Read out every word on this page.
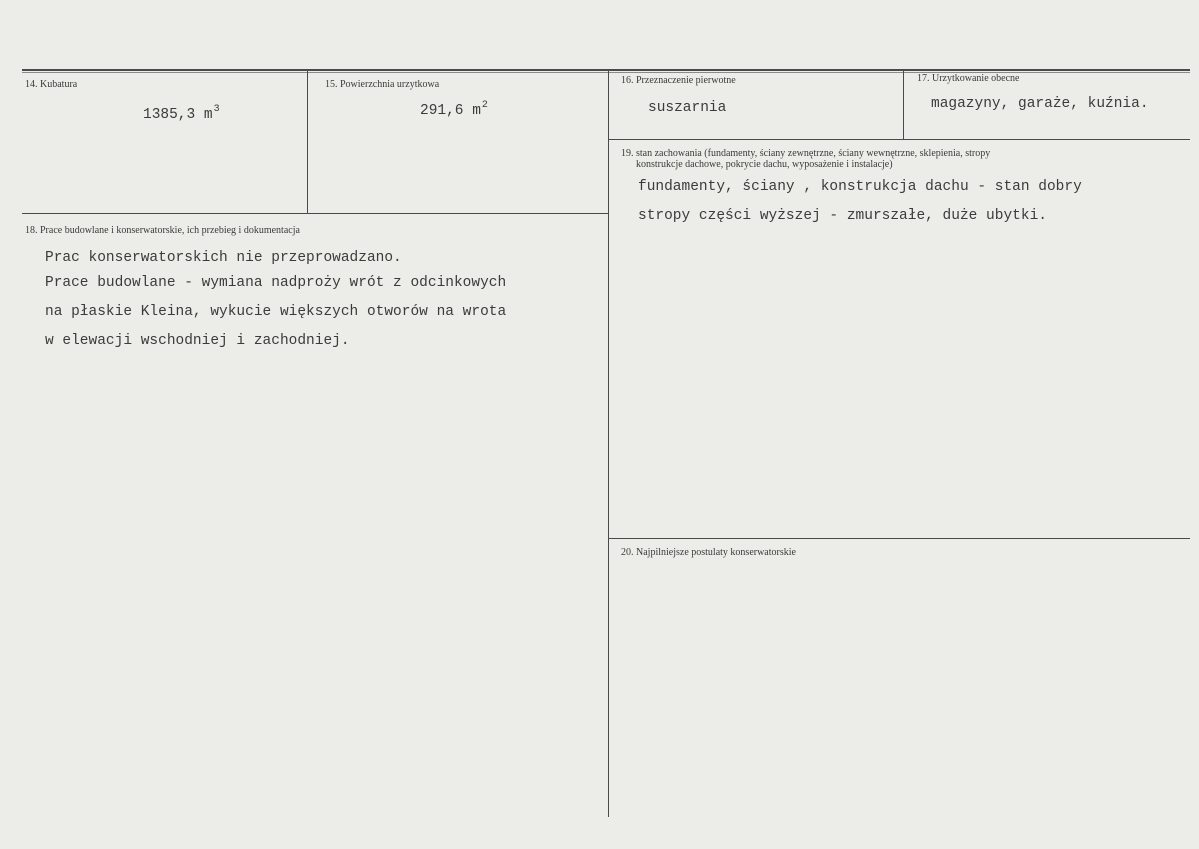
14. Kubatura
1385,3 $m^3$
15. Powierzchnia urzytkowa
291,6 $m^2$
16. Przeznaczenie pierwotne
suszarnia
17. Urzytkowanie obecne
magazyny, garaże, kuźnia.
18. Prace budowlane i konserwatorskie, ich przebieg i dokumentacja
Prac konserwatorskich nie przeprowadzano.
Prace budowlane - wymiana nadproży wrót z odcinkowych
na płaskie Kleina, wykucie większych otworów na wrota
w elewacji wschodniej i zachodniej.
19. stan zachowania (fundamenty, ściany zewnętrzne, ściany wewnętrzne, sklepienia, stropy
konstrukcje dachowe, pokrycie dachu, wyposażenie i instalacje)
fundamenty, ściany , konstrukcja dachu - stan dobry
stropy części wyższej - zmurszałe, duże ubytki.
20. Najpilniejsze postulaty konserwatorskie
